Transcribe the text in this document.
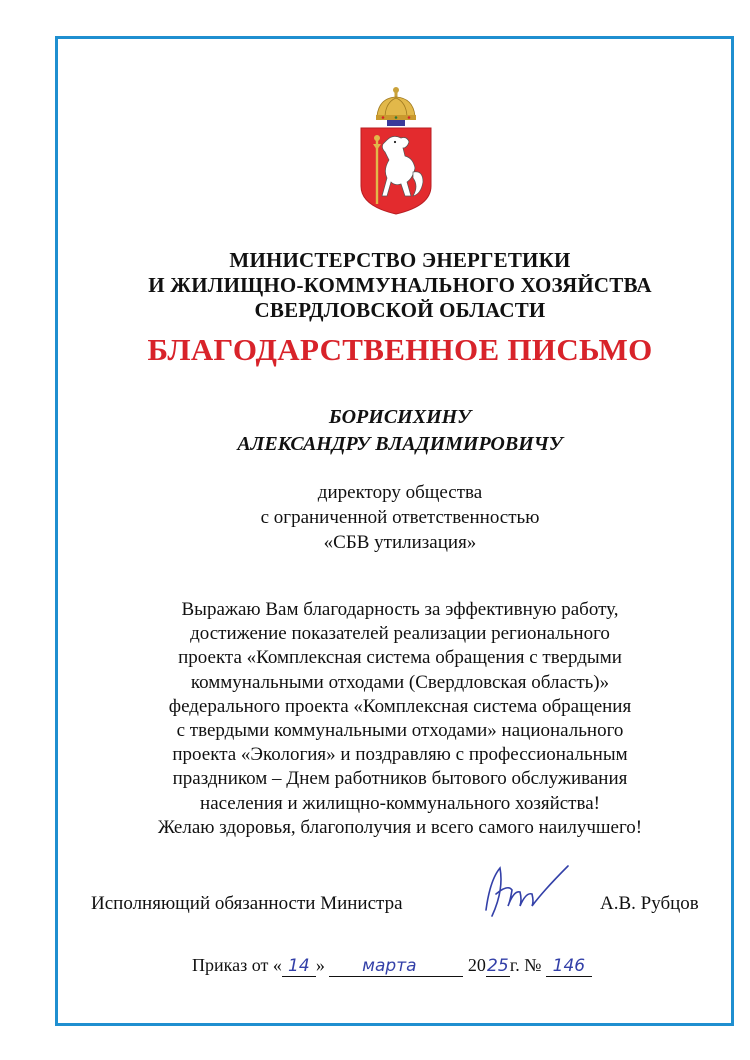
МИНИСТЕРСТВО ЭНЕРГЕТИКИ
И ЖИЛИЩНО-КОММУНАЛЬНОГО ХОЗЯЙСТВА
СВЕРДЛОВСКОЙ ОБЛАСТИ
БЛАГОДАРСТВЕННОЕ ПИСЬМО
БОРИСИХИНУ
АЛЕКСАНДРУ ВЛАДИМИРОВИЧУ
директору общества
с ограниченной ответственностью
«СБВ утилизация»
Выражаю Вам благодарность за эффективную работу,
достижение показателей реализации регионального
проекта «Комплексная система обращения с твердыми
коммунальными отходами (Свердловская область)»
федерального проекта «Комплексная система обращения
с твердыми коммунальными отходами» национального
проекта «Экология» и поздравляю с профессиональным
праздником – Днем работников бытового обслуживания
населения и жилищно-коммунального хозяйства!
Желаю здоровья, благополучия и всего самого наилучшего!
Исполняющий обязанности Министра	А.В. Рубцов
Приказ от « 14 » марта	2025г. № 146
